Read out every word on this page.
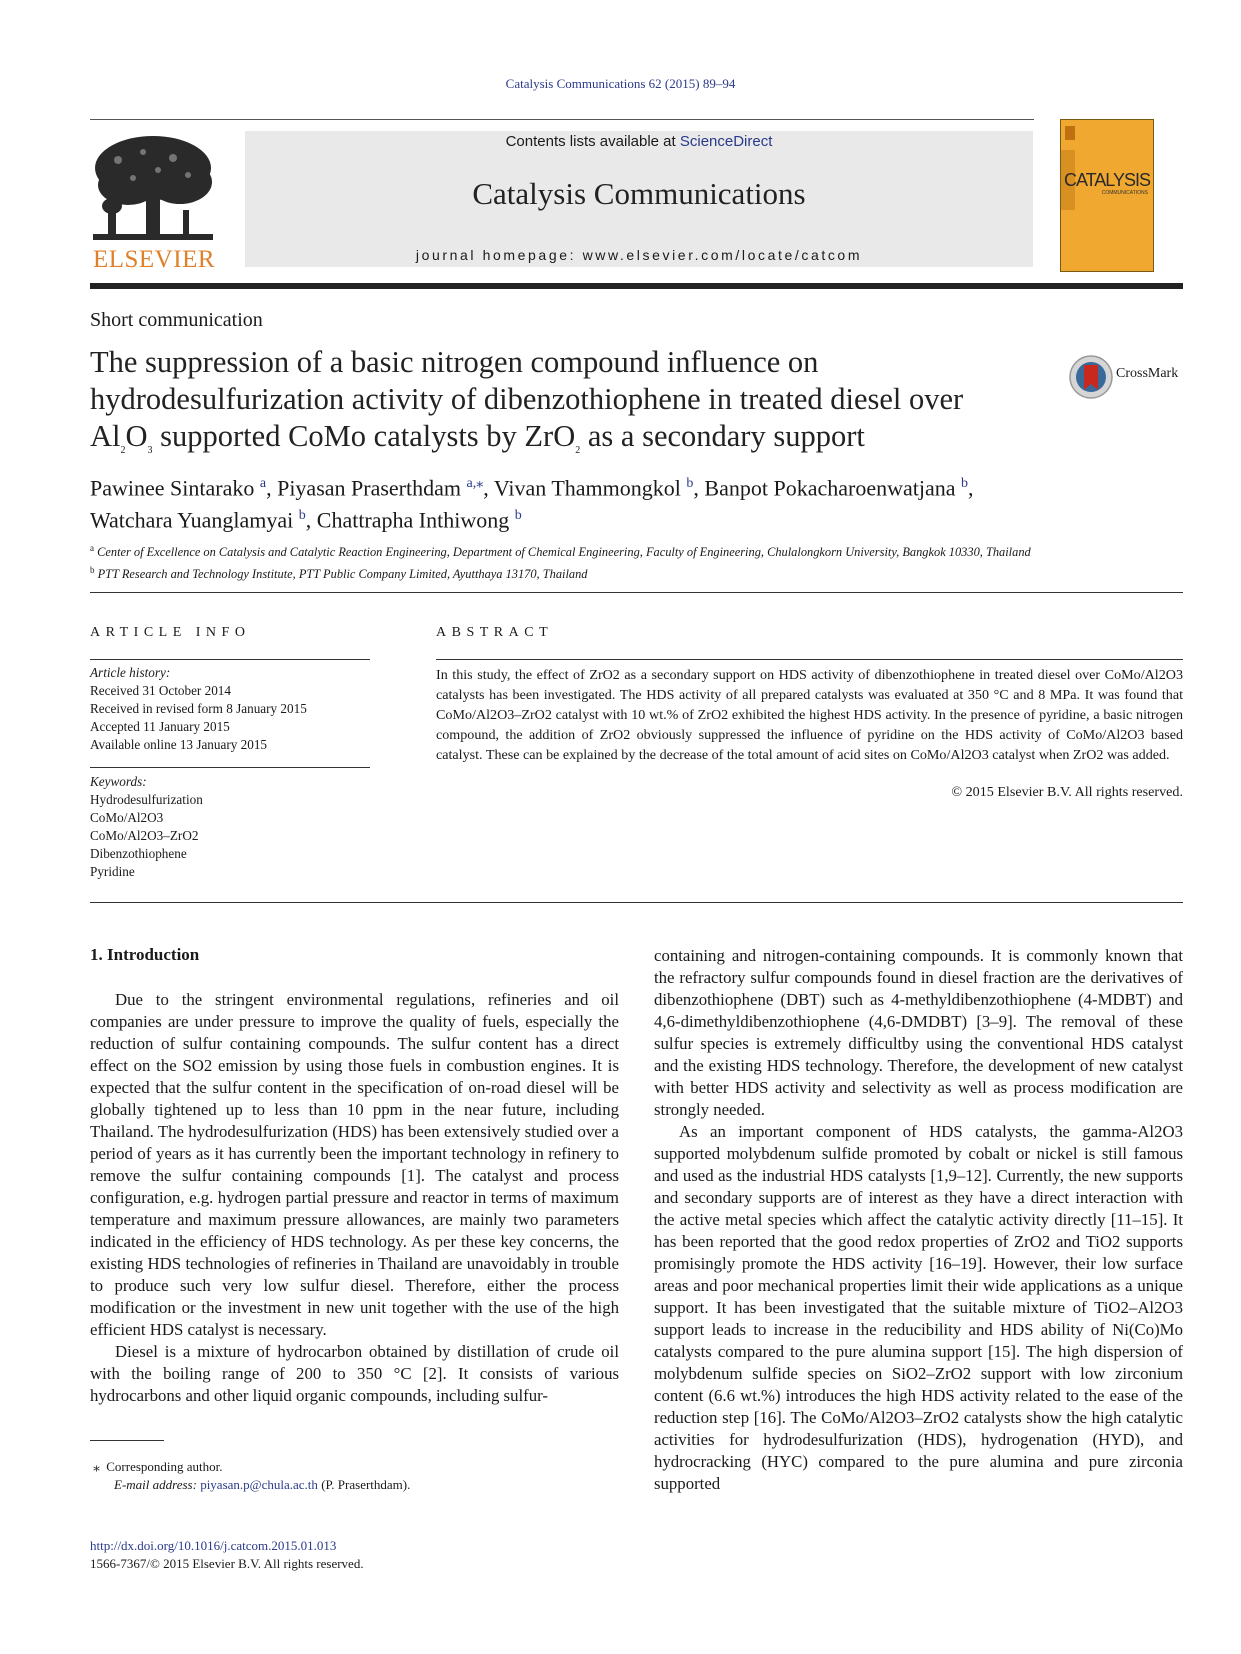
Catalysis Communications 62 (2015) 89–94
ELSEVIER
Contents lists available at ScienceDirect
Catalysis Communications
journal homepage: www.elsevier.com/locate/catcom
CATALYSIS
COMMUNICATIONS
Short communication
The suppression of a basic nitrogen compound influence on
hydrodesulfurization activity of dibenzothiophene in treated diesel over
$Al_2O_3$ supported CoMo catalysts by ZrO$_2$ as a secondary support
CrossMark
Pawinee Sintarako $^a$, Piyasan Praserthdam $^{a,⁎}$, Vivan Thammongkol $^b$, Banpot Pokacharoenwatjana $^b$,
Watchara Yuanglamyai $^b$, Chattrapha Inthiwong $^b$
$^a$ Center of Excellence on Catalysis and Catalytic Reaction Engineering, Department of Chemical Engineering, Faculty of Engineering, Chulalongkorn University, Bangkok 10330, Thailand
$^b$ PTT Research and Technology Institute, PTT Public Company Limited, Ayutthaya 13170, Thailand
ARTICLE INFO	ABSTRACT
Article history:
Received 31 October 2014
Received in revised form 8 January 2015
Accepted 11 January 2015
Available online 13 January 2015
Keywords:
Hydrodesulfurization
CoMo/Al2O3
CoMo/Al2O3–ZrO2
Dibenzothiophene
Pyridine
In this study, the effect of ZrO2 as a secondary support on HDS activity of dibenzothiophene in treated diesel over CoMo/Al2O3 catalysts has been investigated. The HDS activity of all prepared catalysts was evaluated at 350 °C and 8 MPa. It was found that CoMo/Al2O3–ZrO2 catalyst with 10 wt.% of ZrO2 exhibited the highest HDS activity. In the presence of pyridine, a basic nitrogen compound, the addition of ZrO2 obviously suppressed the influence of pyridine on the HDS activity of CoMo/Al2O3 based catalyst. These can be explained by the decrease of the total amount of acid sites on CoMo/Al2O3 catalyst when ZrO2 was added.
© 2015 Elsevier B.V. All rights reserved.
1. Introduction

Due to the stringent environmental regulations, refineries and oil companies are under pressure to improve the quality of fuels, especially the reduction of sulfur containing compounds. The sulfur content has a direct effect on the SO2 emission by using those fuels in combustion engines. It is expected that the sulfur content in the specification of on-road diesel will be globally tightened up to less than 10 ppm in the near future, including Thailand. The hydrodesulfurization (HDS) has been extensively studied over a period of years as it has currently been the important technology in refinery to remove the sulfur containing compounds [1]. The catalyst and process configuration, e.g. hydrogen partial pressure and reactor in terms of maximum temperature and maximum pressure allowances, are mainly two parameters indicated in the efficiency of HDS technology. As per these key concerns, the existing HDS technologies of refineries in Thailand are unavoidably in trouble to produce such very low sulfur diesel. Therefore, either the process modification or the investment in new unit together with the use of the high efficient HDS catalyst is necessary.

Diesel is a mixture of hydrocarbon obtained by distillation of crude oil with the boiling range of 200 to 350 °C [2]. It consists of various hydrocarbons and other liquid organic compounds, including sulfur-

containing and nitrogen-containing compounds. It is commonly known that the refractory sulfur compounds found in diesel fraction are the derivatives of dibenzothiophene (DBT) such as 4-methyldibenzothiophene (4-MDBT) and 4,6-dimethyldibenzothiophene (4,6-DMDBT) [3–9]. The removal of these sulfur species is extremely difficultby using the conventional HDS catalyst and the existing HDS technology. Therefore, the development of new catalyst with better HDS activity and selectivity as well as process modification are strongly needed.

As an important component of HDS catalysts, the gamma-Al2O3 supported molybdenum sulfide promoted by cobalt or nickel is still famous and used as the industrial HDS catalysts [1,9–12]. Currently, the new supports and secondary supports are of interest as they have a direct interaction with the active metal species which affect the catalytic activity directly [11–15]. It has been reported that the good redox properties of ZrO2 and TiO2 supports promisingly promote the HDS activity [16–19]. However, their low surface areas and poor mechanical properties limit their wide applications as a unique support. It has been investigated that the suitable mixture of TiO2–Al2O3 support leads to increase in the reducibility and HDS ability of Ni(Co)Mo catalysts compared to the pure alumina support [15]. The high dispersion of molybdenum sulfide species on SiO2–ZrO2 support with low zirconium content (6.6 wt.%) introduces the high HDS activity related to the ease of the reduction step [16]. The CoMo/Al2O3–ZrO2 catalysts show the high catalytic activities for hydrodesulfurization (HDS), hydrogenation (HYD), and hydrocracking (HYC) compared to the pure alumina and pure zirconia supported

⁎ Corresponding author.
E-mail address: piyasan.p@chula.ac.th (P. Praserthdam).
http://dx.doi.org/10.1016/j.catcom.2015.01.013
1566-7367/© 2015 Elsevier B.V. All rights reserved.
